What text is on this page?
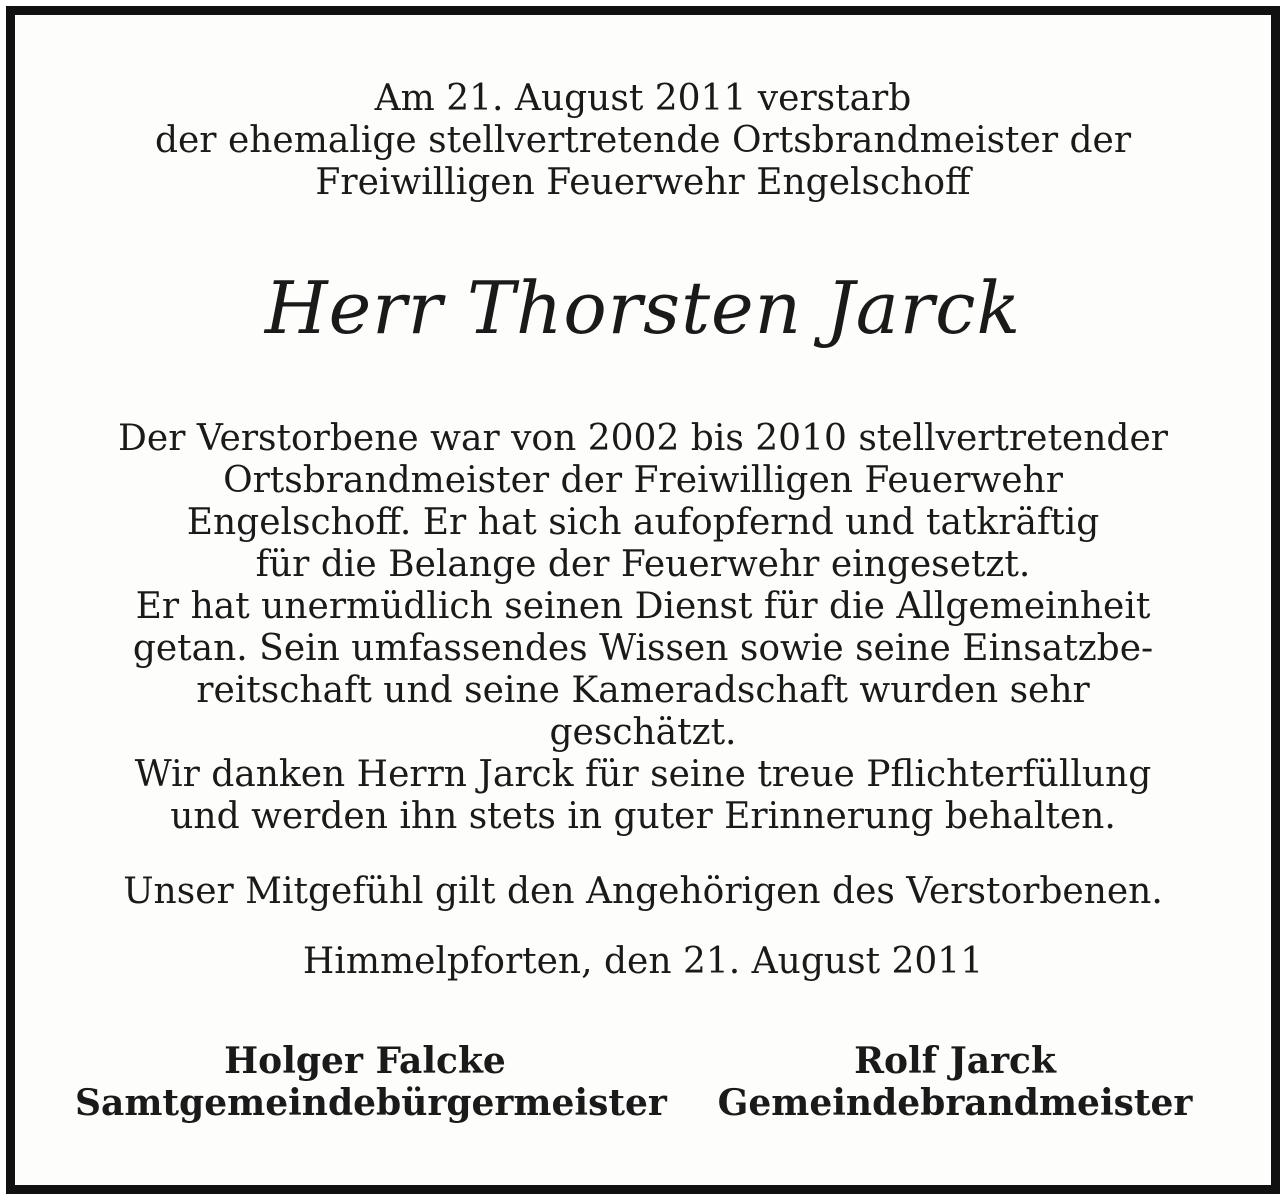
Am 21. August 2011 verstarb
der ehemalige stellvertretende Ortsbrandmeister der
Freiwilligen Feuerwehr Engelschoff
Herr Thorsten Jarck
Der Verstorbene war von 2002 bis 2010 stellvertretender
Ortsbrandmeister der Freiwilligen Feuerwehr
Engelschoff. Er hat sich aufopfernd und tatkräftig
für die Belange der Feuerwehr eingesetzt.
Er hat unermüdlich seinen Dienst für die Allgemeinheit
getan. Sein umfassendes Wissen sowie seine Einsatzbe-
reitschaft und seine Kameradschaft wurden sehr
geschätzt.
Wir danken Herrn Jarck für seine treue Pflichterfüllung
und werden ihn stets in guter Erinnerung behalten.
Unser Mitgefühl gilt den Angehörigen des Verstorbenen.
Himmelpforten, den 21. August 2011
Holger Falcke
Samtgemeindebürgermeister
Rolf Jarck
Gemeindebrandmeister
